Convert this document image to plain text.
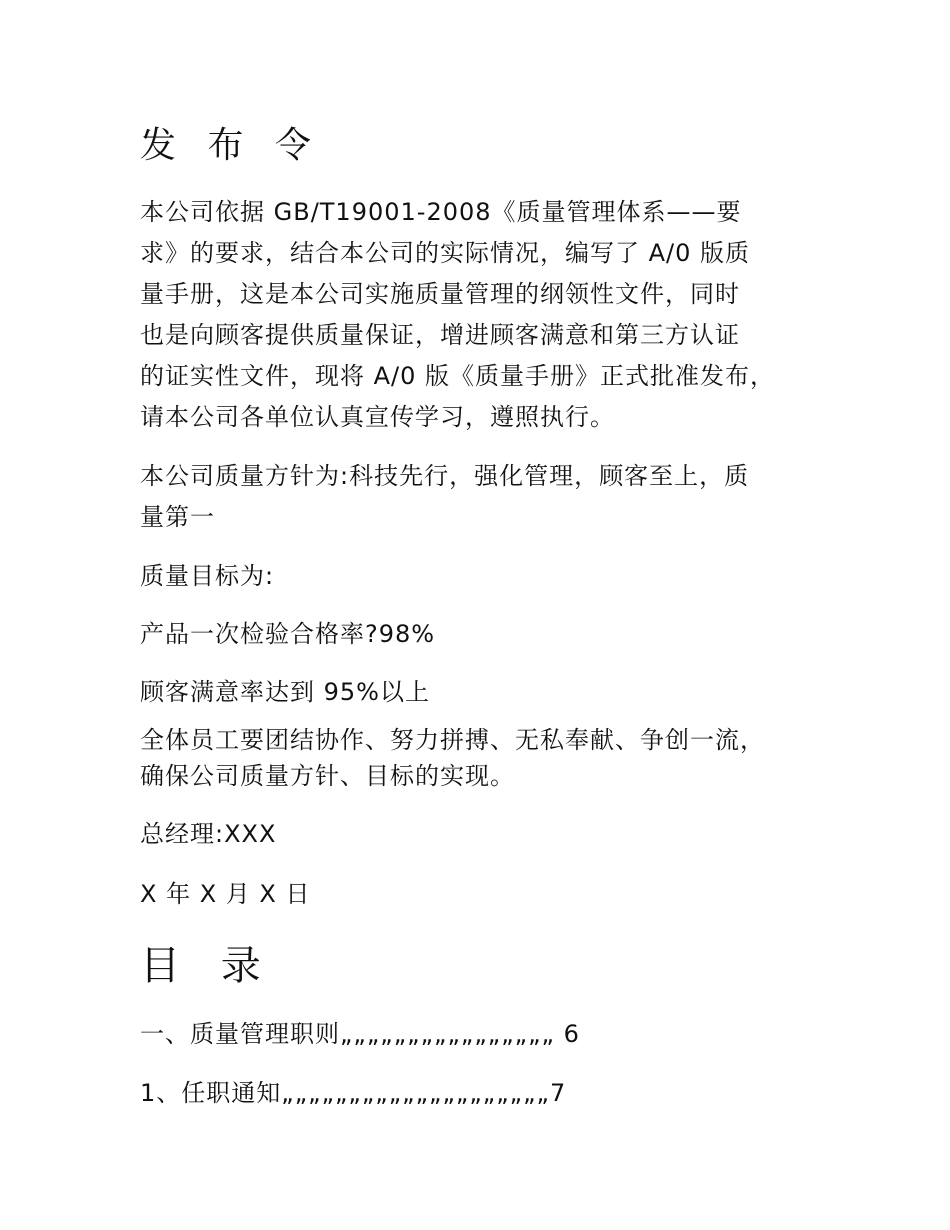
发 布 令

本公司依据 GB/T19001-2008《质量管理体系——要
求》的要求，结合本公司的实际情况，编写了 A/0 版质
量手册，这是本公司实施质量管理的纲领性文件，同时
也是向顾客提供质量保证，增进顾客满意和第三方认证
的证实性文件，现将 A/0 版《质量手册》正式批准发布，
请本公司各单位认真宣传学习，遵照执行。

本公司质量方针为:科技先行，强化管理，顾客至上，质
量第一

质量目标为:

产品一次检验合格率?98%

顾客满意率达到 95%以上

全体员工要团结协作、努力拼搏、无私奉献、争创一流，
确保公司质量方针、目标的实现。

总经理:XXX

X 年 X 月 X 日

目 录

一、质量管理职则„„„„„„„„„„„„„„„„ 6

1、任职通知„„„„„„„„„„„„„„„„„„„„7
